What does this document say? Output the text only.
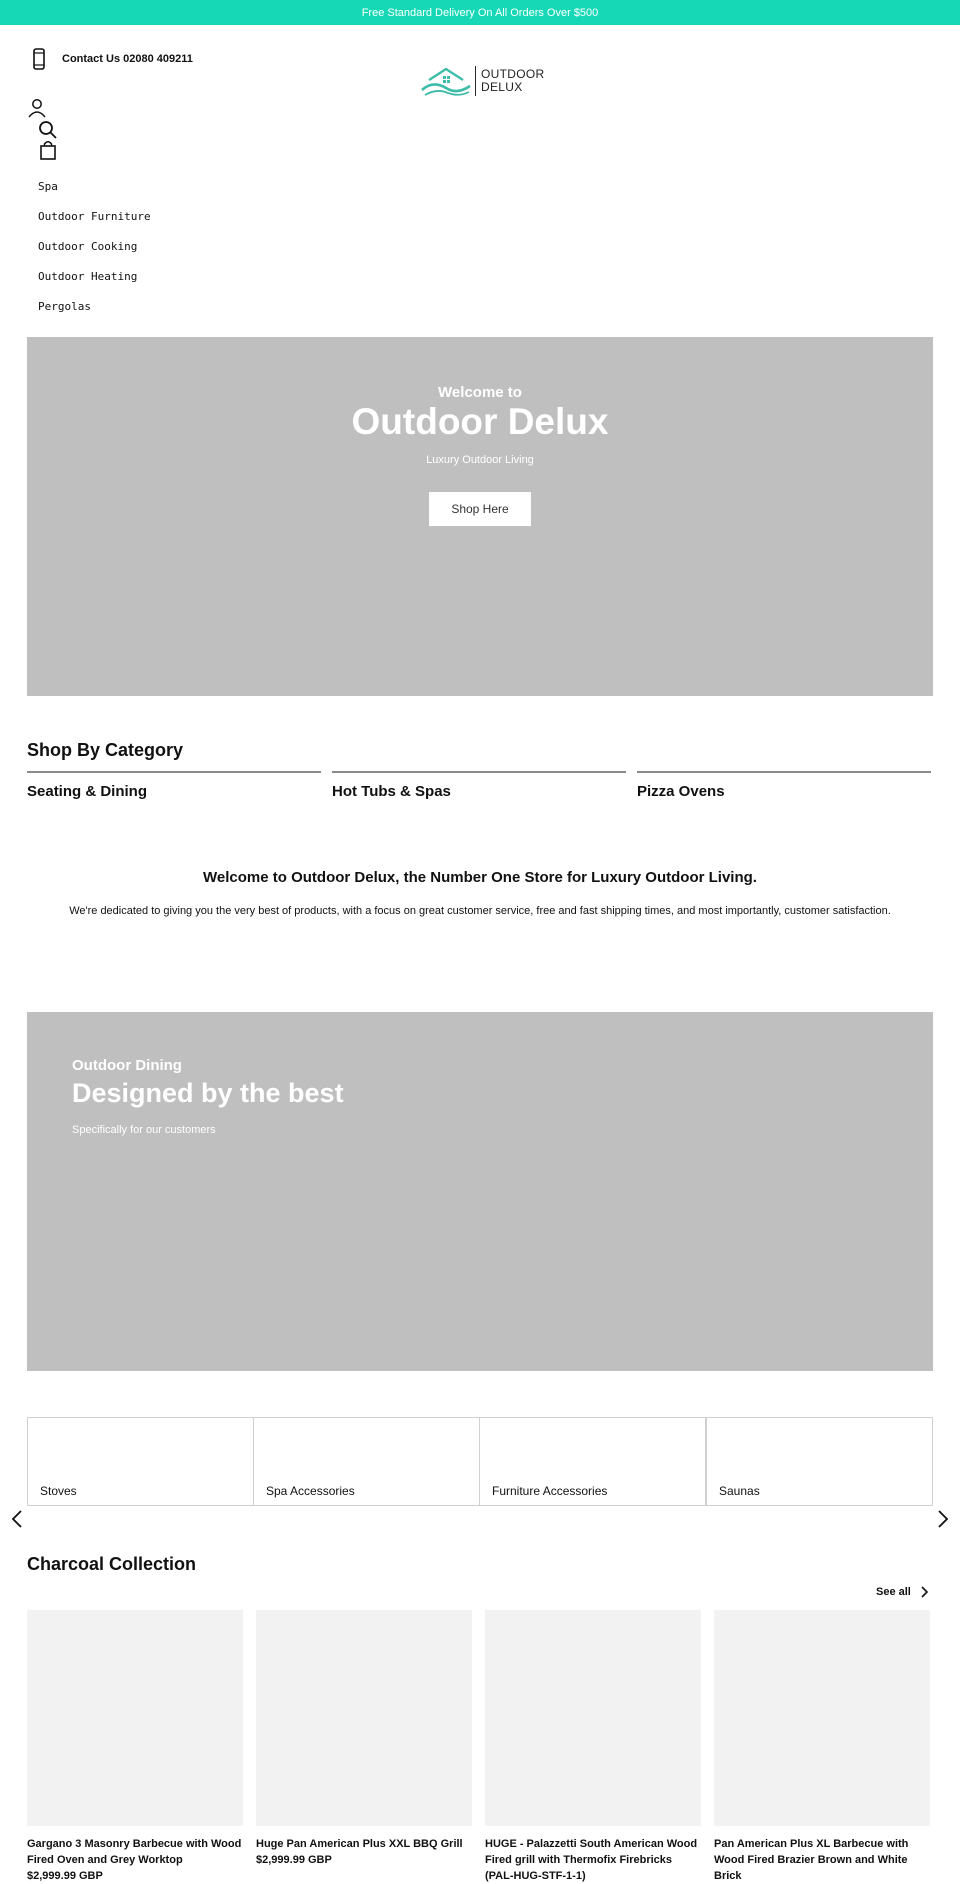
Free Standard Delivery On All Orders Over $500
Contact Us 02080 409211
OUTDOOR
DELUX
Spa
Outdoor Furniture
Outdoor Cooking
Outdoor Heating
Pergolas
Welcome to
Outdoor Delux
Luxury Outdoor Living
Shop Here
Shop By Category
Seating & Dining	Hot Tubs & Spas	Pizza Ovens
Welcome to Outdoor Delux, the Number One Store for Luxury Outdoor Living.
We're dedicated to giving you the very best of products, with a focus on great customer service, free and fast shipping times, and most importantly, customer satisfaction.
Outdoor Dining
Designed by the best
Specifically for our customers
Stoves	Spa Accessories	Furniture Accessories	Saunas
Charcoal Collection
See all
Gargano 3 Masonry Barbecue with Wood Fired Oven and Grey Worktop
$2,999.99 GBP
Huge Pan American Plus XXL BBQ Grill
$2,999.99 GBP
HUGE - Palazzetti South American Wood Fired grill with Thermofix Firebricks (PAL-HUG-STF-1-1)
Pan American Plus XL Barbecue with Wood Fired Brazier Brown and White Brick
